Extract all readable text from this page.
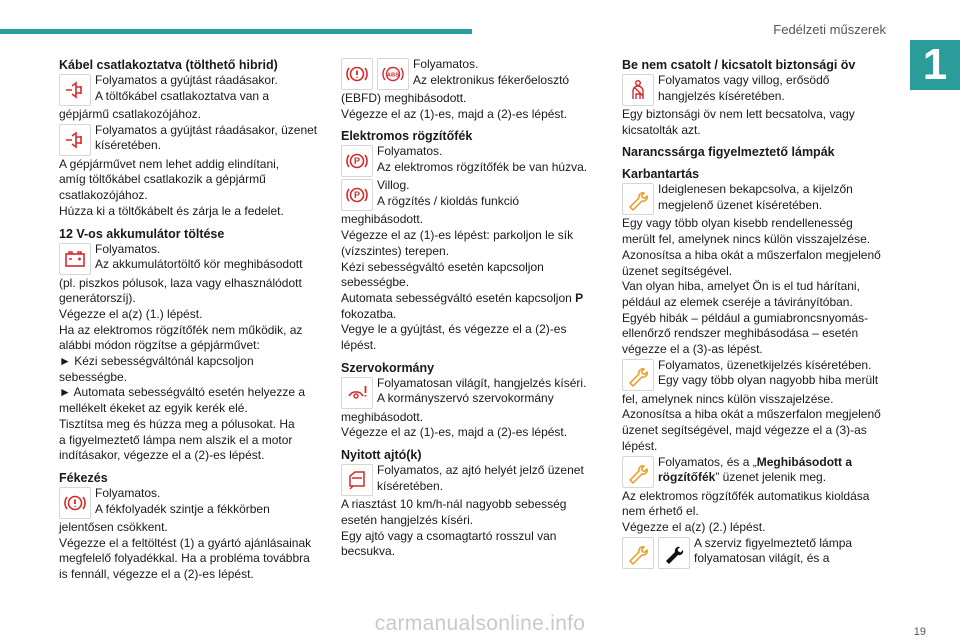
Fedélzeti műszerek
1
Kábel csatlakoztatva (tölthető hibrid)

Folyamatos a gyújtást ráadásakor.

A töltőkábel csatlakoztatva van a

gépjármű csatlakozójához.

Folyamatos a gyújtást ráadásakor, üzenet

kíséretében.

A gépjárművet nem lehet addig elindítani,

amíg töltőkábel csatlakozik a gépjármű

csatlakozójához.

Húzza ki a töltőkábelt és zárja le a fedelet.

12 V-os akkumulátor töltése

Folyamatos.

Az akkumulátortöltő kör meghibásodott

(pl. piszkos pólusok, laza vagy elhasználódott

generátorszíj).

Végezze el a(z) (1.) lépést.

Ha az elektromos rögzítőfék nem működik, az

alábbi módon rögzítse a gépjárművet:

► Kézi sebességváltónál kapcsoljon

sebességbe.

► Automata sebességváltó esetén helyezze a

mellékelt ékeket az egyik kerék elé.

Tisztítsa meg és húzza meg a pólusokat. Ha

a figyelmeztető lámpa nem alszik el a motor

indításakor, végezze el a (2)-es lépést.

Fékezés

Folyamatos.

A fékfolyadék szintje a fékkörben

jelentősen csökkent.

Végezze el a feltöltést (1) a gyártó ajánlásainak

megfelelő folyadékkal. Ha a probléma továbbra

is fennáll, végezze el a (2)-es lépést.

ABS

Folyamatos.

Az elektronikus fékerőelosztó

(EBFD) meghibásodott.

Végezze el az (1)-es, majd a (2)-es lépést.

Elektromos rögzítőfék
P

Folyamatos.

Az elektromos rögzítőfék be van húzva.

P

Villog.

A rögzítés / kioldás funkció

meghibásodott.

Végezze el az (1)-es lépést: parkoljon le sík

(vízszintes) terepen.

Kézi sebességváltó esetén kapcsoljon

sebességbe.

Automata sebességváltó esetén kapcsoljon P

fokozatba.

Vegye le a gyújtást, és végezze el a (2)-es

lépést.

Szervokormány

Folyamatosan világít, hangjelzés kíséri.

A kormányszervó szervokormány

meghibásodott.

Végezze el az (1)-es, majd a (2)-es lépést.

Nyitott ajtó(k)

Folyamatos, az ajtó helyét jelző üzenet

kíséretében.

A riasztást 10 km/h-nál nagyobb sebesség

esetén hangjelzés kíséri.

Egy ajtó vagy a csomagtartó rosszul van

becsukva.

Be nem csatolt / kicsatolt biztonsági öv

Folyamatos vagy villog, erősödő

hangjelzés kíséretében.

Egy biztonsági öv nem lett becsatolva, vagy

kicsatolták azt.

Narancssárga figyelmeztető lámpák
Karbantartás

Ideiglenesen bekapcsolva, a kijelzőn

megjelenő üzenet kíséretében.

Egy vagy több olyan kisebb rendellenesség

merült fel, amelynek nincs külön visszajelzése.

Azonosítsa a hiba okát a műszerfalon megjelenő

üzenet segítségével.

Van olyan hiba, amelyet Ön is el tud hárítani,

például az elemek cseréje a távirányítóban.

Egyéb hibák – például a gumiabroncsnyomás-

ellenőrző rendszer meghibásodása – esetén

végezze el a (3)-as lépést.

Folyamatos, üzenetkijelzés kíséretében.

Egy vagy több olyan nagyobb hiba merült

fel, amelynek nincs külön visszajelzése.

Azonosítsa a hiba okát a műszerfalon megjelenő

üzenet segítségével, majd végezze el a (3)-as

lépést.

Folyamatos, és a „Meghibásodott a

rögzítőfék” üzenet jelenik meg.

Az elektromos rögzítőfék automatikus kioldása

nem érhető el.

Végezze el a(z) (2.) lépést.

A szerviz figyelmeztető lámpa

folyamatosan világít, és a

carmanualsonline.info	19
